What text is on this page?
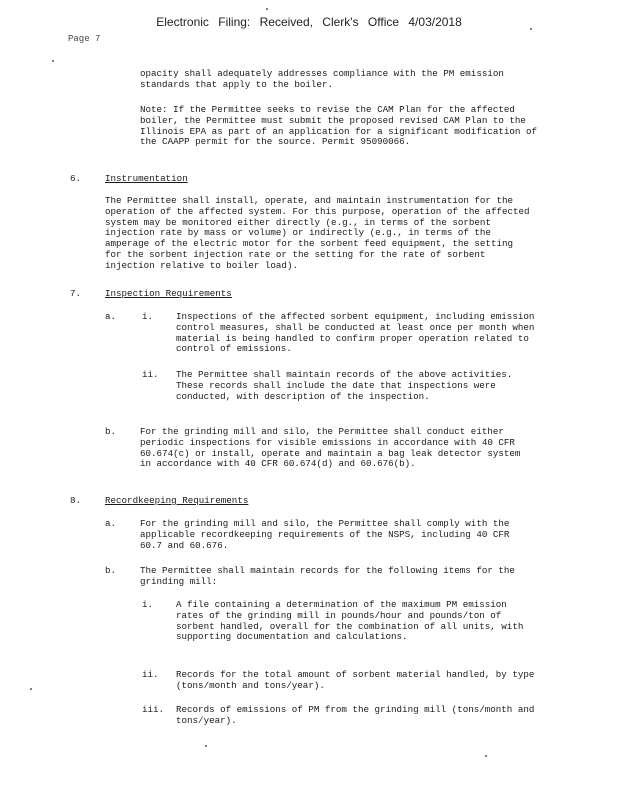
Electronic Filing: Received, Clerk's Office 4/03/2018
Page 7

opacity shall adequately addresses compliance with the PM emission standards that apply to the boiler.

Note: If the Permittee seeks to revise the CAM Plan for the affected boiler, the Permittee must submit the proposed revised CAM Plan to the Illinois EPA as part of an application for a significant modification of the CAAPP permit for the source. Permit 95090066.

6.	Instrumentation

The Permittee shall install, operate, and maintain instrumentation for the operation of the affected system. For this purpose, operation of the affected system may be monitored either directly (e.g., in terms of the sorbent injection rate by mass or volume) or indirectly (e.g., in terms of the amperage of the electric motor for the sorbent feed equipment, the setting for the sorbent injection rate or the setting for the rate of sorbent injection relative to boiler load).

7.	Inspection Requirements
a.	i. Inspections of the affected sorbent equipment, including emission control measures, shall be conducted at least once per month when material is being handled to confirm proper operation related to control of emissions.

ii. The Permittee shall maintain records of the above activities. These records shall include the date that inspections were conducted, with description of the inspection.

b.	For the grinding mill and silo, the Permittee shall conduct either periodic inspections for visible emissions in accordance with 40 CFR 60.674(c) or install, operate and maintain a bag leak detector system in accordance with 40 CFR 60.674(d) and 60.676(b).

8.	Recordkeeping Requirements
a.	For the grinding mill and silo, the Permittee shall comply with the applicable recordkeeping requirements of the NSPS, including 40 CFR 60.7 and 60.676.

b.	The Permittee shall maintain records for the following items for the grinding mill:

i. A file containing a determination of the maximum PM emission rates of the grinding mill in pounds/hour and pounds/ton of sorbent handled, overall for the combination of all units, with supporting documentation and calculations.

ii. Records for the total amount of sorbent material handled, by type (tons/month and tons/year).

iii. Records of emissions of PM from the grinding mill (tons/month and tons/year).
